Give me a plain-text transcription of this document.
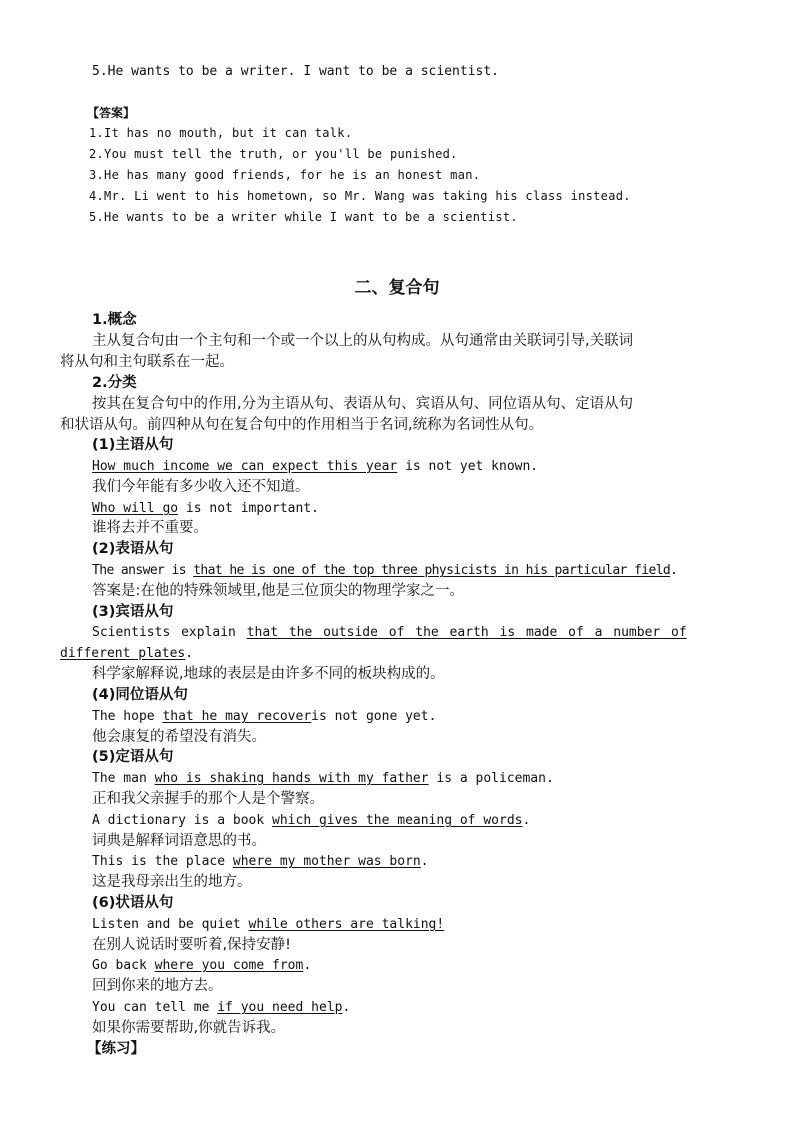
5.He wants to be a writer. I want to be a scientist.
【答案】
1.It has no mouth, but it can talk.
2.You must tell the truth, or you'll be punished.
3.He has many good friends, for he is an honest man.
4.Mr. Li went to his hometown, so Mr. Wang was taking his class instead.
5.He wants to be a writer while I want to be a scientist.
二、复合句
1.概念
主从复合句由一个主句和一个或一个以上的从句构成。从句通常由关联词引导,关联词
将从句和主句联系在一起。
2.分类
按其在复合句中的作用,分为主语从句、表语从句、宾语从句、同位语从句、定语从句
和状语从句。前四种从句在复合句中的作用相当于名词,统称为名词性从句。
(1)主语从句
How much income we can expect this year is not yet known.
我们今年能有多少收入还不知道。
Who will go is not important.
谁将去并不重要。
(2)表语从句
The answer is that he is one of the top three physicists in his particular field.
答案是:在他的特殊领域里,他是三位顶尖的物理学家之一。
(3)宾语从句
Scientists explain that the outside of the earth is made of a number of
different plates.
科学家解释说,地球的表层是由许多不同的板块构成的。
(4)同位语从句
The hope that he may recoveris not gone yet.
他会康复的希望没有消失。
(5)定语从句
The man who is shaking hands with my father is a policeman.
正和我父亲握手的那个人是个警察。
A dictionary is a book which gives the meaning of words.
词典是解释词语意思的书。
This is the place where my mother was born.
这是我母亲出生的地方。
(6)状语从句
Listen and be quiet while others are talking!
在别人说话时要听着,保持安静!
Go back where you come from.
回到你来的地方去。
You can tell me if you need help.
如果你需要帮助,你就告诉我。
【练习】
